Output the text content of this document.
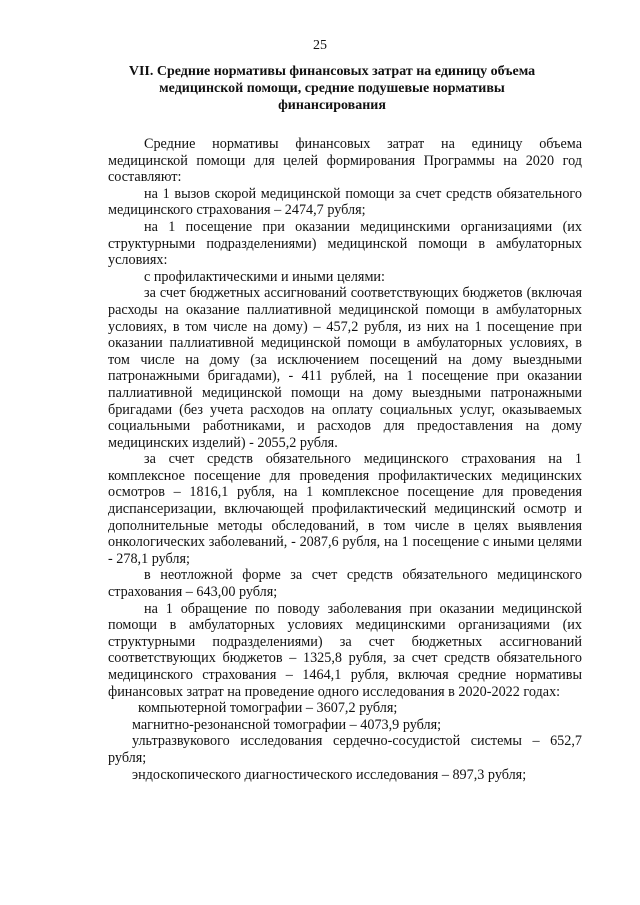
25
VII. Средние нормативы финансовых затрат на единицу объема
медицинской помощи, средние подушевые нормативы
финансирования

Средние нормативы финансовых затрат на единицу объема медицинской помощи для целей формирования Программы на 2020 год составляют:

на 1 вызов скорой медицинской помощи за счет средств обязательного медицинского страхования – 2474,7 рубля;

на 1 посещение при оказании медицинскими организациями (их структурными подразделениями) медицинской помощи в амбулаторных условиях:

с профилактическими и иными целями:

за счет бюджетных ассигнований соответствующих бюджетов (включая расходы на оказание паллиативной медицинской помощи в амбулаторных условиях, в том числе на дому) – 457,2 рубля, из них на 1 посещение при оказании паллиативной медицинской помощи в амбулаторных условиях, в том числе на дому (за исключением посещений на дому выездными патронажными бригадами), - 411 рублей, на 1 посещение при оказании паллиативной медицинской помощи на дому выездными патронажными бригадами (без учета расходов на оплату социальных услуг, оказываемых социальными работниками, и расходов для предоставления на дому медицинских изделий) - 2055,2 рубля.

за счет средств обязательного медицинского страхования на 1 комплексное посещение для проведения профилактических медицинских осмотров – 1816,1 рубля, на 1 комплексное посещение для проведения диспансеризации, включающей профилактический медицинский осмотр и дополнительные методы обследований, в том числе в целях выявления онкологических заболеваний, - 2087,6 рубля, на 1 посещение с иными целями - 278,1 рубля;

в неотложной форме за счет средств обязательного медицинского страхования – 643,00 рубля;

на 1 обращение по поводу заболевания при оказании медицинской помощи в амбулаторных условиях медицинскими организациями (их структурными подразделениями) за счет бюджетных ассигнований соответствующих бюджетов – 1325,8 рубля, за счет средств обязательного медицинского страхования – 1464,1 рубля, включая средние нормативы финансовых затрат на проведение одного исследования в 2020-2022 годах:

компьютерной томографии – 3607,2 рубля;

магнитно-резонансной томографии – 4073,9 рубля;

ультразвукового исследования сердечно-сосудистой системы – 652,7 рубля;

эндоскопического диагностического исследования – 897,3 рубля;
